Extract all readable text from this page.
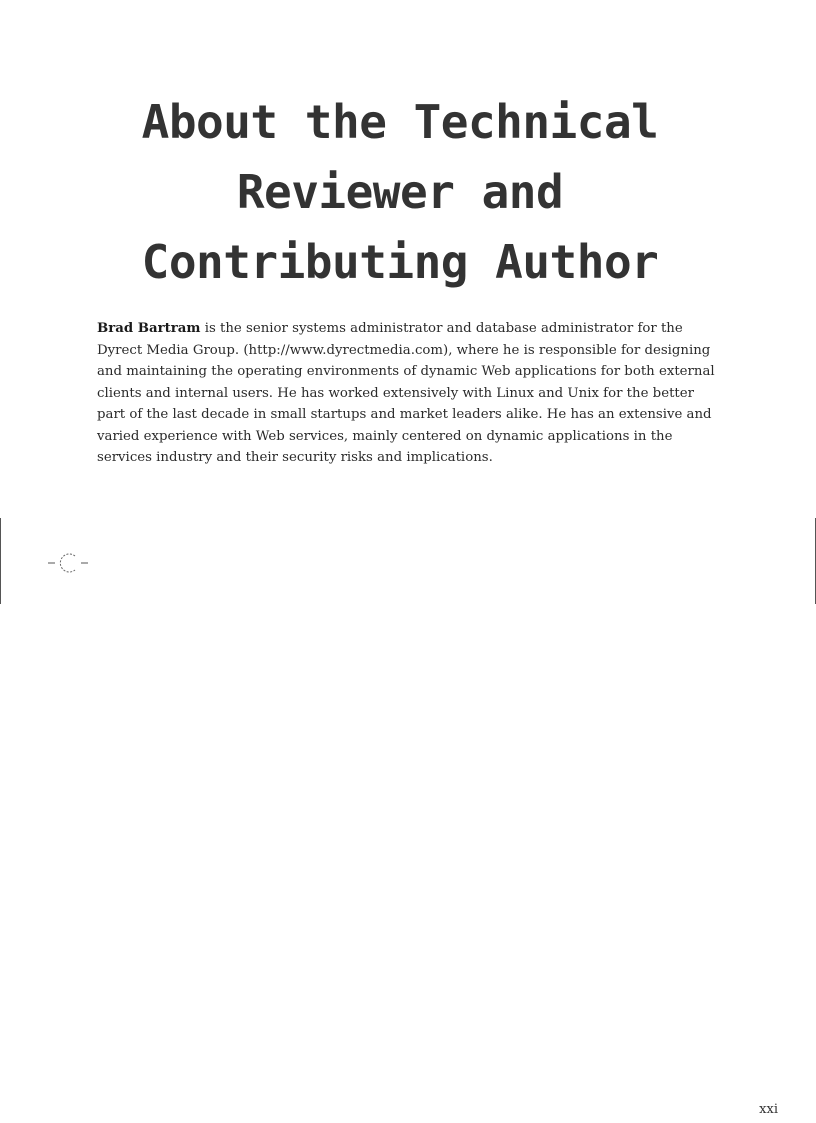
About the Technical
Reviewer and
Contributing Author

Brad Bartram is the senior systems administrator and database administrator for the Dyrect Media Group. (http://www.dyrectmedia.com), where he is responsible for designing and maintaining the operating environments of dynamic Web applications for both external clients and internal users. He has worked extensively with Linux and Unix for the better part of the last decade in small startups and market leaders alike. He has an extensive and varied experience with Web services, mainly centered on dynamic applications in the services industry and their security risks and implications.

xxi
